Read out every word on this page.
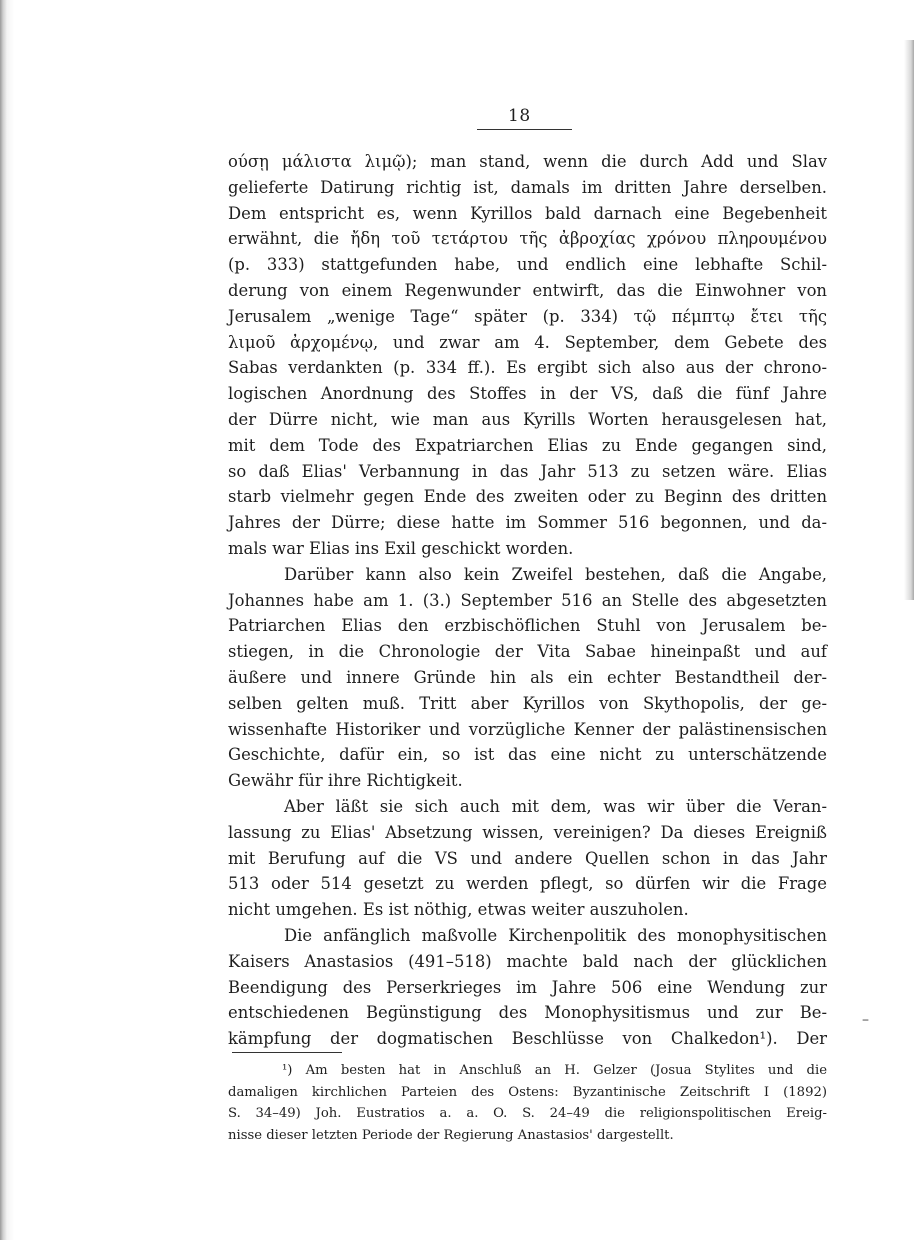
18
ούσῃ μάλιστα λιμῷ); man stand, wenn die durch Add und Slav
gelieferte Datirung richtig ist, damals im dritten Jahre derselben.
Dem entspricht es, wenn Kyrillos bald darnach eine Begebenheit
erwähnt, die ἤδη τοῦ τετάρτου τῆς ἀβροχίας χρόνου πληρουμένου
(p. 333) stattgefunden habe, und endlich eine lebhafte Schil-
derung von einem Regenwunder entwirft, das die Einwohner von
Jerusalem „wenige Tage“ später (p. 334) τῷ πέμπτῳ ἔτει τῆς
λιμοῦ ἀρχομένῳ, und zwar am 4. September, dem Gebete des
Sabas verdankten (p. 334 ff.). Es ergibt sich also aus der chrono-
logischen Anordnung des Stoffes in der VS, daß die fünf Jahre
der Dürre nicht, wie man aus Kyrills Worten herausgelesen hat,
mit dem Tode des Expatriarchen Elias zu Ende gegangen sind,
so daß Elias' Verbannung in das Jahr 513 zu setzen wäre. Elias
starb vielmehr gegen Ende des zweiten oder zu Beginn des dritten
Jahres der Dürre; diese hatte im Sommer 516 begonnen, und da-
mals war Elias ins Exil geschickt worden.
Darüber kann also kein Zweifel bestehen, daß die Angabe,
Johannes habe am 1. (3.) September 516 an Stelle des abgesetzten
Patriarchen Elias den erzbischöflichen Stuhl von Jerusalem be-
stiegen, in die Chronologie der Vita Sabae hineinpaßt und auf
äußere und innere Gründe hin als ein echter Bestandtheil der-
selben gelten muß. Tritt aber Kyrillos von Skythopolis, der ge-
wissenhafte Historiker und vorzügliche Kenner der palästinensischen
Geschichte, dafür ein, so ist das eine nicht zu unterschätzende
Gewähr für ihre Richtigkeit.
Aber läßt sie sich auch mit dem, was wir über die Veran-
lassung zu Elias' Absetzung wissen, vereinigen? Da dieses Ereigniß
mit Berufung auf die VS und andere Quellen schon in das Jahr
513 oder 514 gesetzt zu werden pflegt, so dürfen wir die Frage
nicht umgehen. Es ist nöthig, etwas weiter auszuholen.
Die anfänglich maßvolle Kirchenpolitik des monophysitischen
Kaisers Anastasios (491–518) machte bald nach der glücklichen
Beendigung des Perserkrieges im Jahre 506 eine Wendung zur
entschiedenen Begünstigung des Monophysitismus und zur Be-
kämpfung der dogmatischen Beschlüsse von Chalkedon¹). Der
–
¹) Am besten hat in Anschluß an H. Gelzer (Josua Stylites und die
damaligen kirchlichen Parteien des Ostens: Byzantinische Zeitschrift I (1892)
S. 34–49) Joh. Eustratios a. a. O. S. 24–49 die religionspolitischen Ereig-
nisse dieser letzten Periode der Regierung Anastasios' dargestellt.
